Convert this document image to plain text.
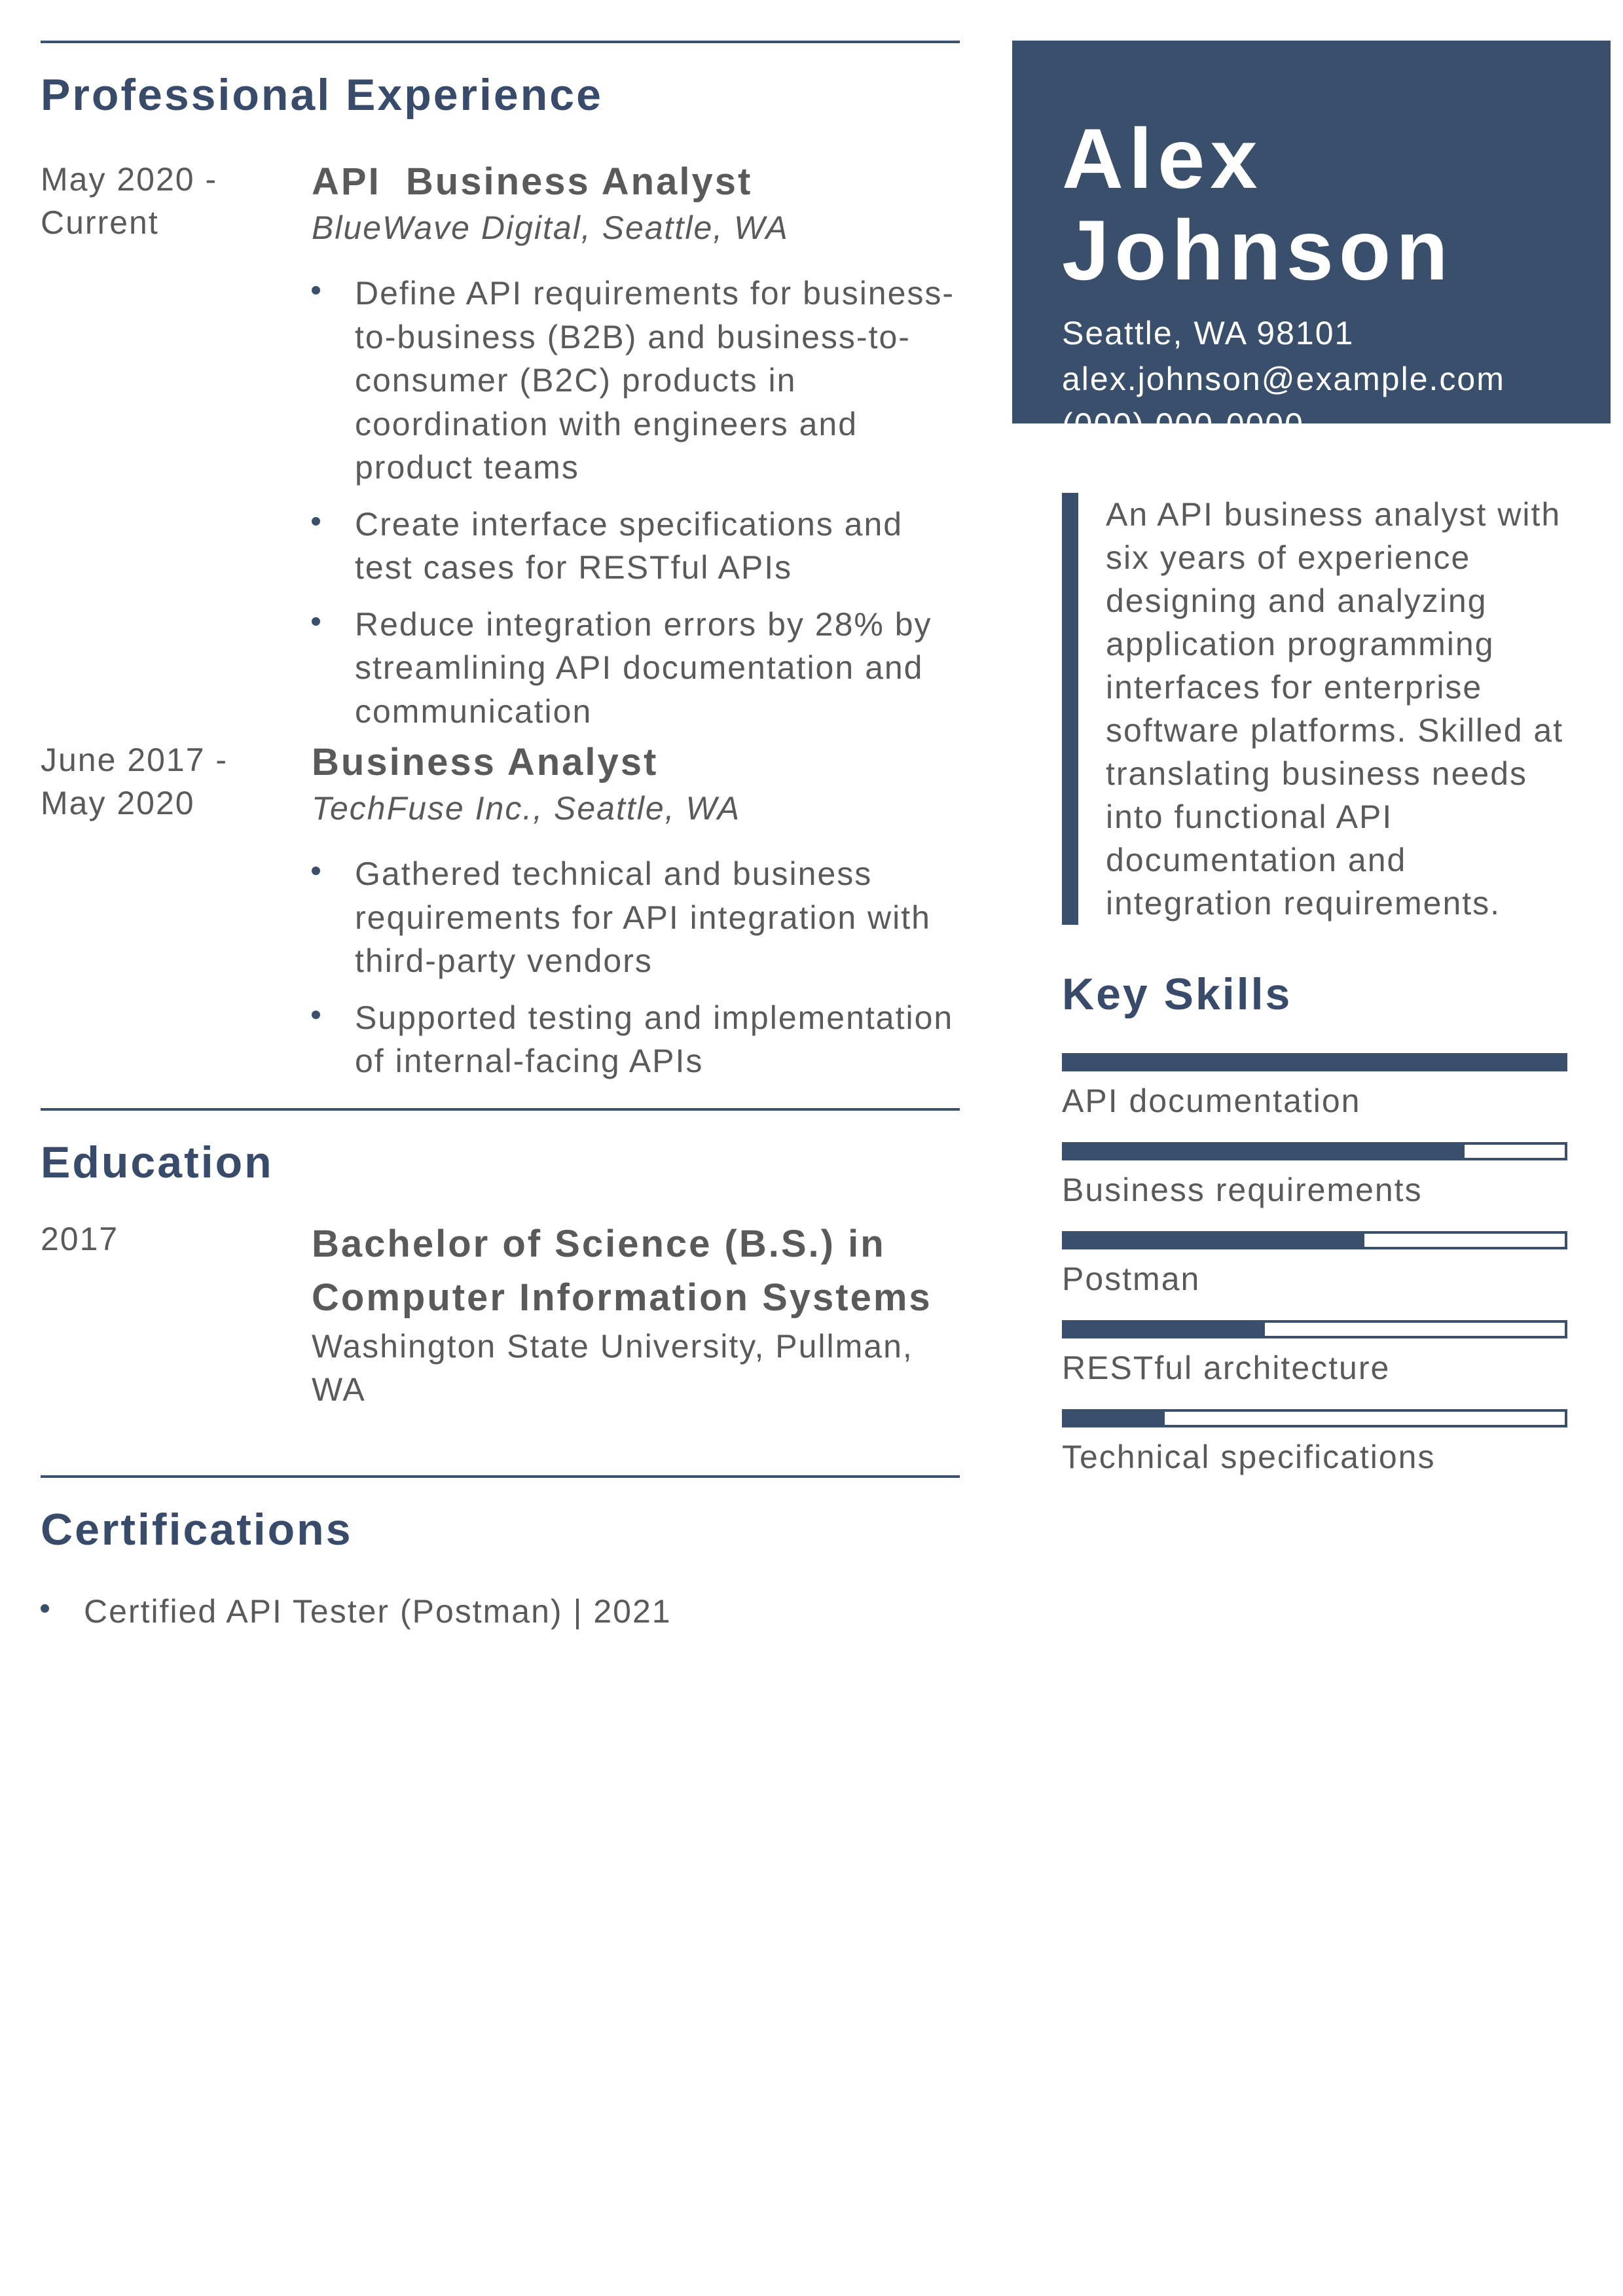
Professional Experience
May 2020 -
Current
API  Business Analyst
BlueWave Digital, Seattle, WA
Define API requirements for business-to-business (B2B) and business-to-consumer (B2C) products in coordination with engineers and product teams
Create interface specifications and test cases for RESTful APIs
Reduce integration errors by 28% by streamlining API documentation and communication
June 2017 -
May 2020
Business Analyst
TechFuse Inc., Seattle, WA
Gathered technical and business requirements for API integration with third-party vendors
Supported testing and implementation of internal-facing APIs
Education
2017	Bachelor of Science (B.S.) in Computer Information Systems
Washington State University, Pullman, WA
Certifications
Certified API Tester (Postman) | 2021
Alex
Johnson
Seattle, WA 98101
alex.johnson@example.com
(000) 000-0000
An API business analyst with six years of experience designing and analyzing application programming interfaces for enterprise software platforms. Skilled at translating business needs into functional API documentation and integration requirements.
Key Skills
API documentation
Business requirements
Postman
RESTful architecture
Technical specifications
